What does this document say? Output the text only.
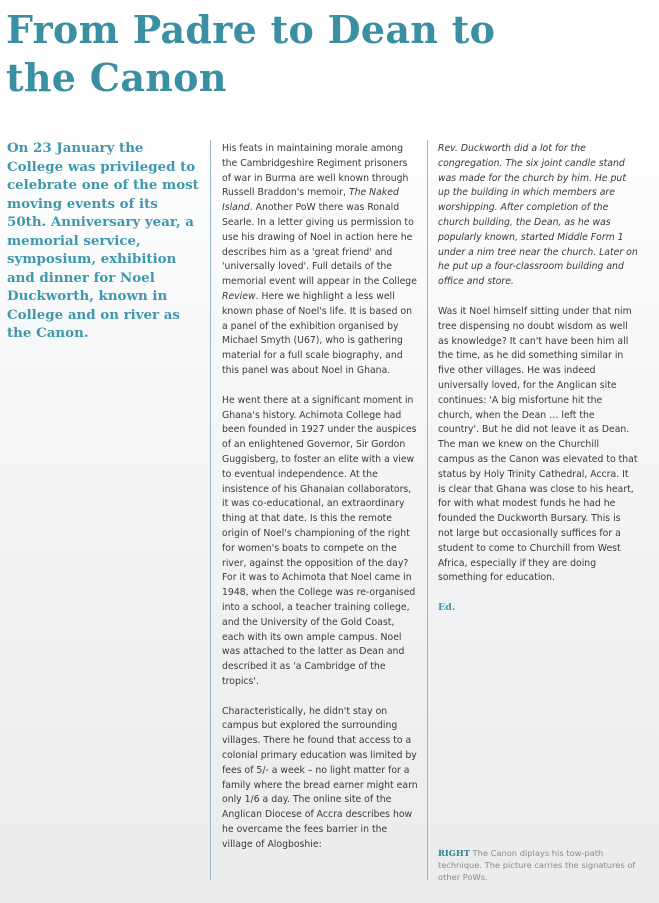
From Padre to Dean to
the Canon

On 23 January the College was privileged to celebrate one of the most moving events of its 50th. Anniversary year, a memorial service, symposium, exhibition and dinner for Noel Duckworth, known in College and on river as the Canon.

His feats in maintaining morale among the Cambridgeshire Regiment prisoners of war in Burma are well known through Russell Braddon's memoir, The Naked Island. Another PoW there was Ronald Searle. In a letter giving us permission to use his drawing of Noel in action here he describes him as a 'great friend' and 'universally loved'. Full details of the memorial event will appear in the College Review. Here we highlight a less well known phase of Noel's life. It is based on a panel of the exhibition organised by Michael Smyth (U67), who is gathering material for a full scale biography, and this panel was about Noel in Ghana.

He went there at a significant moment in Ghana's history. Achimota College had been founded in 1927 under the auspices of an enlightened Governor, Sir Gordon Guggisberg, to foster an elite with a view to eventual independence. At the insistence of his Ghanaian collaborators, it was co-educational, an extraordinary thing at that date. Is this the remote origin of Noel's championing of the right for women's boats to compete on the river, against the opposition of the day? For it was to Achimota that Noel came in 1948, when the College was re-organised into a school, a teacher training college, and the University of the Gold Coast, each with its own ample campus. Noel was attached to the latter as Dean and described it as 'a Cambridge of the tropics'.

Characteristically, he didn't stay on campus but explored the surrounding villages. There he found that access to a colonial primary education was limited by fees of 5/- a week – no light matter for a family where the bread earner might earn only 1/6 a day. The online site of the Anglican Diocese of Accra describes how he overcame the fees barrier in the village of Alogboshie:

Rev. Duckworth did a lot for the congregation. The six joint candle stand was made for the church by him. He put up the building in which members are worshipping. After completion of the church building, the Dean, as he was popularly known, started Middle Form 1 under a nim tree near the church. Later on he put up a four-classroom building and office and store.

Was it Noel himself sitting under that nim tree dispensing no doubt wisdom as well as knowledge? It can't have been him all the time, as he did something similar in five other villages. He was indeed universally loved, for the Anglican site continues: 'A big misfortune hit the church, when the Dean … left the country'. But he did not leave it as Dean. The man we knew on the Churchill campus as the Canon was elevated to that status by Holy Trinity Cathedral, Accra. It is clear that Ghana was close to his heart, for with what modest funds he had he founded the Duckworth Bursary. This is not large but occasionally suffices for a student to come to Churchill from West Africa, especially if they are doing something for education.

Ed.
RIGHT The Canon diplays his tow-path technique. The picture carries the signatures of other PoWs.
